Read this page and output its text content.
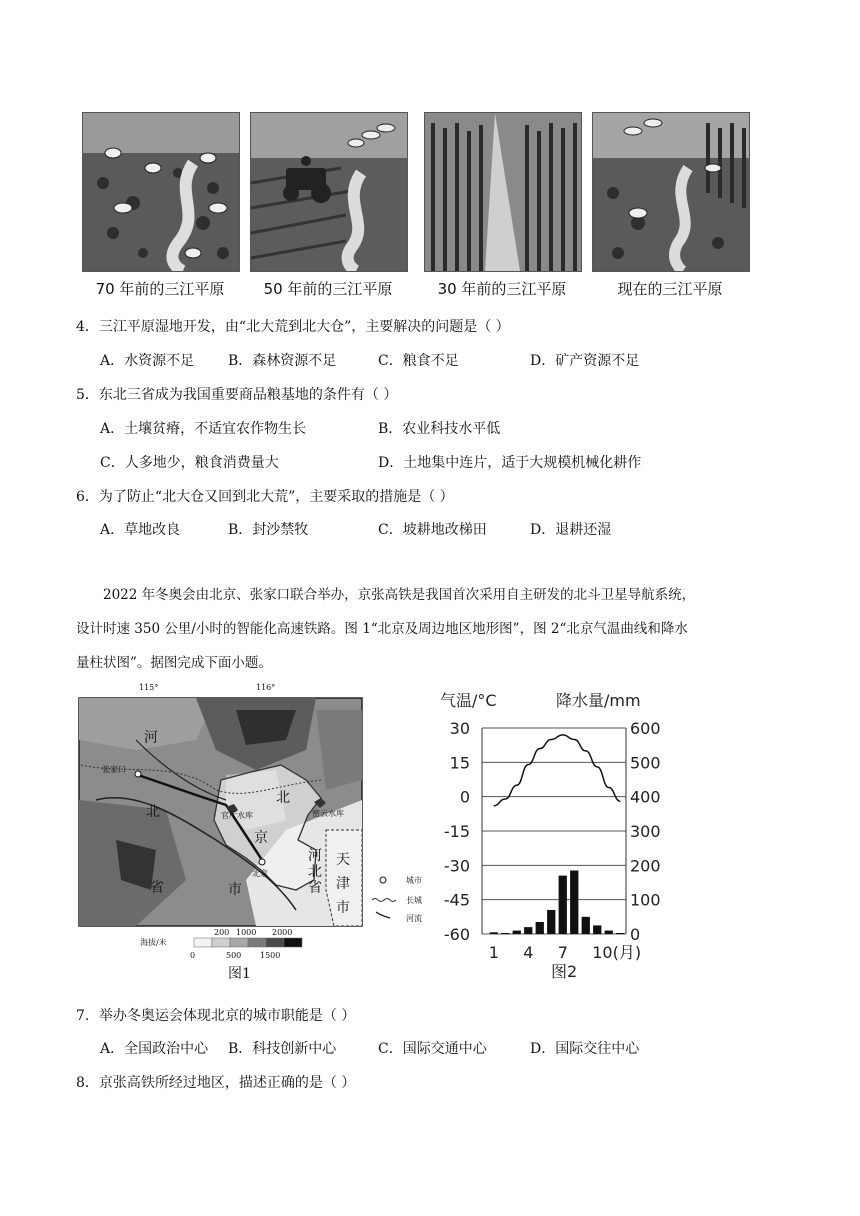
70 年前的三江平原	50 年前的三江平原	30 年前的三江平原	现在的三江平原
4．三江平原湿地开发，由“北大荒到北大仓”，主要解决的问题是（ ）
A．水资源不足 B．森林资源不足	C．粮食不足	D．矿产资源不足
5．东北三省成为我国重要商品粮基地的条件有（ ）
A．土壤贫瘠，不适宜农作物生长	B．农业科技水平低
C．人多地少，粮食消费量大	D．土地集中连片，适于大规模机械化耕作
6．为了防止“北大仓又回到北大荒”，主要采取的措施是（ ）
A．草地改良	B．封沙禁牧	C．坡耕地改梯田	D．退耕还湿

2022 年冬奥会由北京、张家口联合举办，京张高铁是我国首次采用自主研发的北斗卫星导航系统，

设计时速 350 公里/小时的智能化高速铁路。图 1“北京及周边地区地形图”，图 2“北京气温曲线和降水

量柱状图”。据图完成下面小题。

115°	116°
河
张家口
北	官厅水库
北
密云水库
京
北京
省	市
河
北
省
天
津
市
城市
长城
河流
海拔/米
200 1000 2000
0	500 1500
图1
气温/°C	降水量/mm
30
15
0
-15
-30
-45
-60
600
500
400
300
200
100
0
1 4 7 10(月)
图2
7．举办冬奥运会体现北京的城市职能是（ ）
A．全国政治中心 B．科技创新中心	C．国际交通中心	D．国际交往中心
8．京张高铁所经过地区，描述正确的是（ ）
